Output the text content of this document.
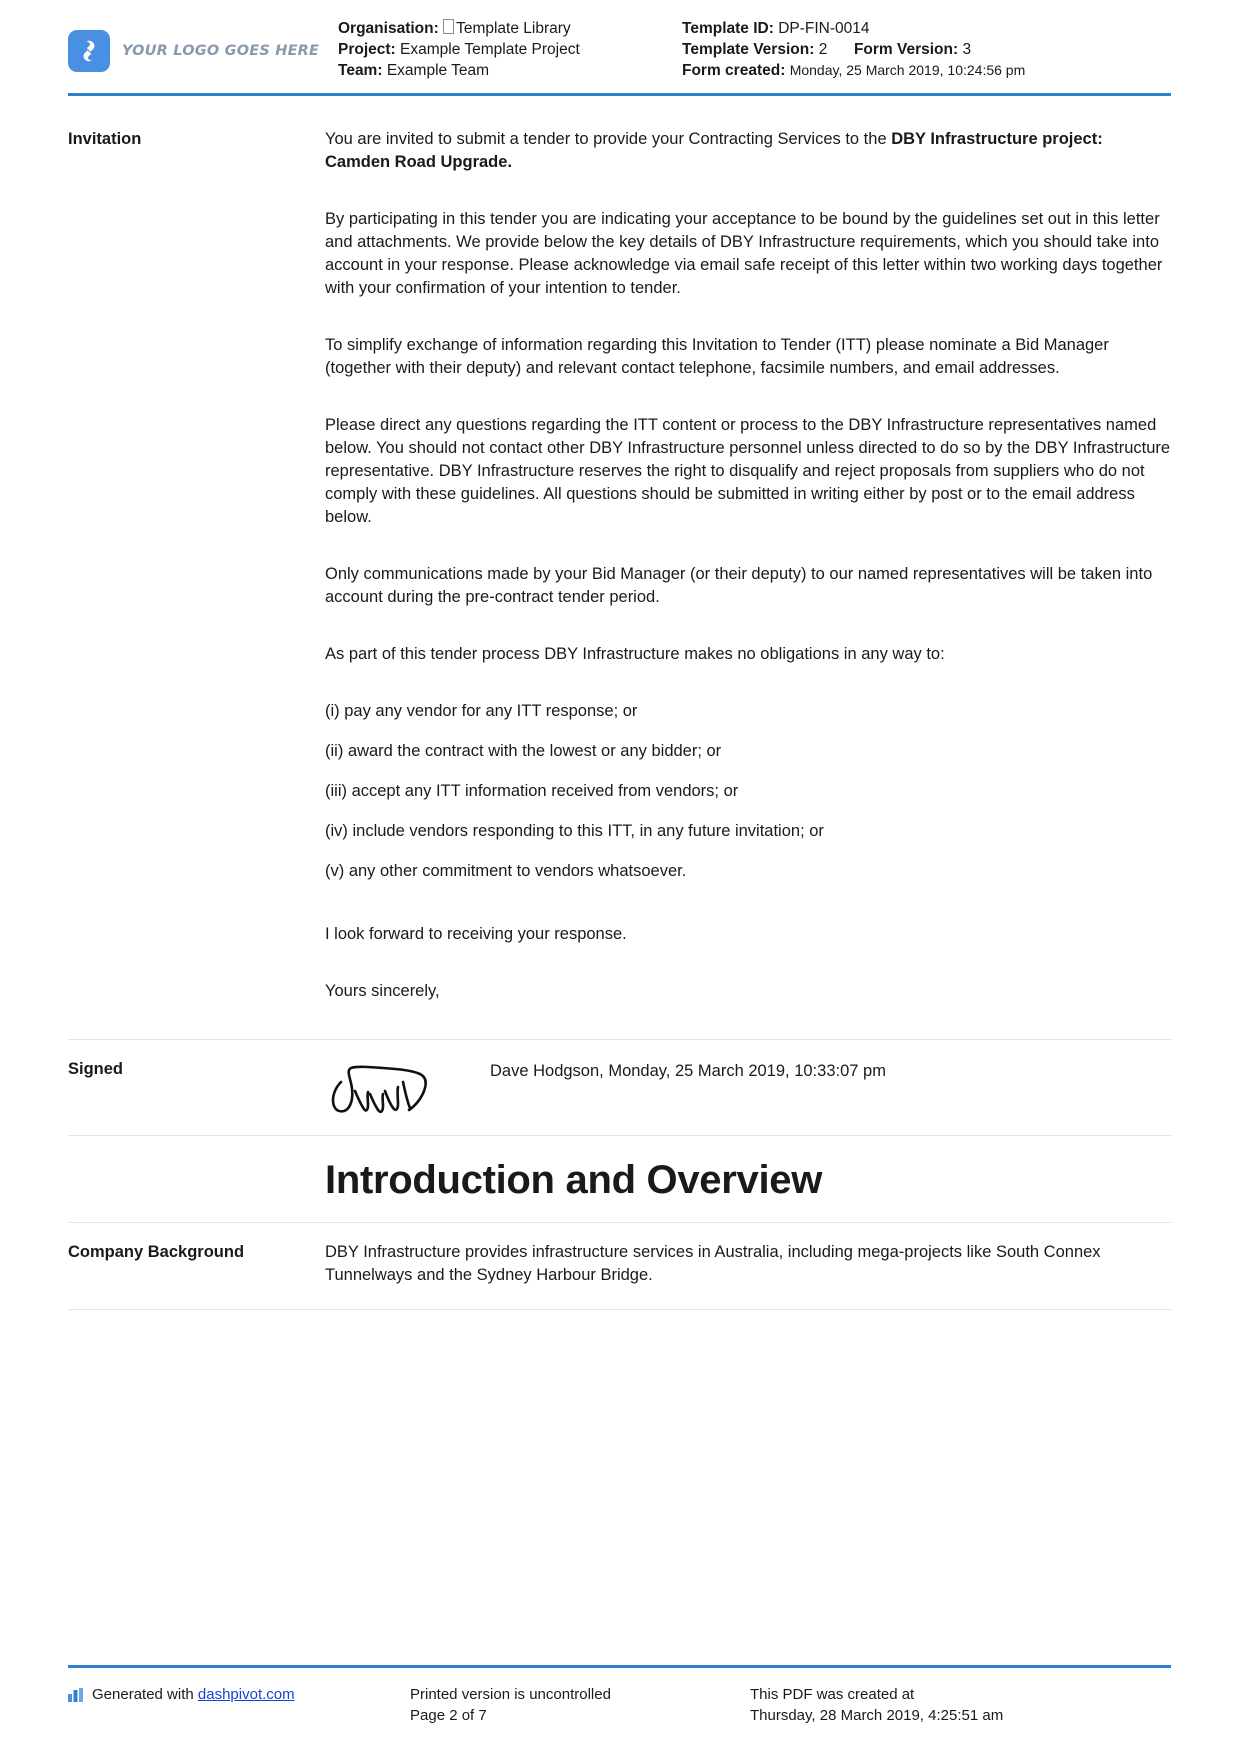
YOUR LOGO GOES HERE
Organisation: Template Library
Project: Example Template Project
Team: Example Team
Template ID: DP-FIN-0014
Template Version: 2 Form Version: 3
Form created: Monday, 25 March 2019, 10:24:56 pm
Invitation	You are invited to submit a tender to provide your Contracting Services to the DBY Infrastructure project: Camden Road Upgrade.

By participating in this tender you are indicating your acceptance to be bound by the guidelines set out in this letter and attachments. We provide below the key details of DBY Infrastructure requirements, which you should take into account in your response. Please acknowledge via email safe receipt of this letter within two working days together with your confirmation of your intention to tender.

To simplify exchange of information regarding this Invitation to Tender (ITT) please nominate a Bid Manager (together with their deputy) and relevant contact telephone, facsimile numbers, and email addresses.

Please direct any questions regarding the ITT content or process to the DBY Infrastructure representatives named below. You should not contact other DBY Infrastructure personnel unless directed to do so by the DBY Infrastructure representative. DBY Infrastructure reserves the right to disqualify and reject proposals from suppliers who do not comply with these guidelines. All questions should be submitted in writing either by post or to the email address below.

Only communications made by your Bid Manager (or their deputy) to our named representatives will be taken into account during the pre-contract tender period.

As part of this tender process DBY Infrastructure makes no obligations in any way to:

(i) pay any vendor for any ITT response; or
(ii) award the contract with the lowest or any bidder; or
(iii) accept any ITT information received from vendors; or
(iv) include vendors responding to this ITT, in any future invitation; or
(v) any other commitment to vendors whatsoever.

I look forward to receiving your response.

Yours sincerely,

Signed	Dave Hodgson, Monday, 25 March 2019, 10:33:07 pm
Introduction and Overview
Company Background	DBY Infrastructure provides infrastructure services in Australia, including mega-projects like South Connex Tunnelways and the Sydney Harbour Bridge.

Generated with dashpivot.com	Printed version is uncontrolled
Page 2 of 7
This PDF was created at
Thursday, 28 March 2019, 4:25:51 am
